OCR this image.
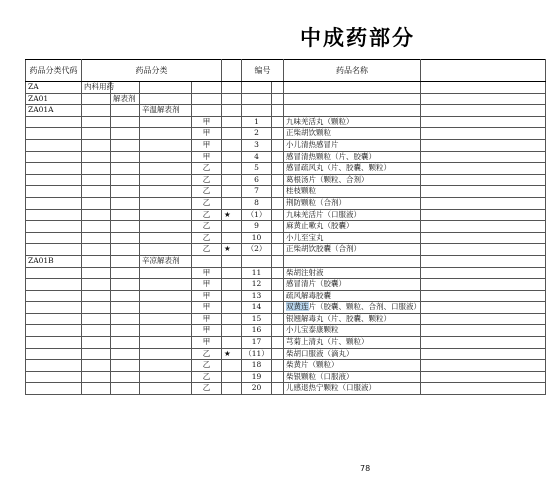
中成药部分
药品分类代码	药品分类					编号		药品名称	
ZA	内科用药								
ZA01		解表剂							
ZA01A			辛温解表剂						
				甲		1		九味羌活丸（颗粒）	
				甲		2		正柴胡饮颗粒	
				甲		3		小儿清热感冒片	
				甲		4		感冒清热颗粒（片、胶囊）	
				乙		5		感冒疏风丸（片、胶囊、颗粒）	
				乙		6		葛根汤片（颗粒、合剂）	
				乙		7		桂枝颗粒	
				乙		8		荆防颗粒（合剂）	
				乙	★	（1）		九味羌活片（口服液）	
				乙		9		麻黄止嗽丸（胶囊）	
				乙		10		小儿至宝丸	
				乙	★	（2）		正柴胡饮胶囊（合剂）	
ZA01B			辛凉解表剂						
				甲		11		柴胡注射液	
				甲		12		感冒清片（胶囊）	
				甲		13		疏风解毒胶囊	
				甲		14		双黄连片（胶囊、颗粒、合剂、口服液）	
				甲		15		银翘解毒丸（片、胶囊、颗粒）	
				甲		16		小儿宝泰康颗粒	
				甲		17		芎菊上清丸（片、颗粒）	
				乙	★	（11）		柴胡口服液（滴丸）	
				乙		18		柴黄片（颗粒）	
				乙		19		柴银颗粒（口服液）	
				乙		20		儿感退热宁颗粒（口服液）	
78
